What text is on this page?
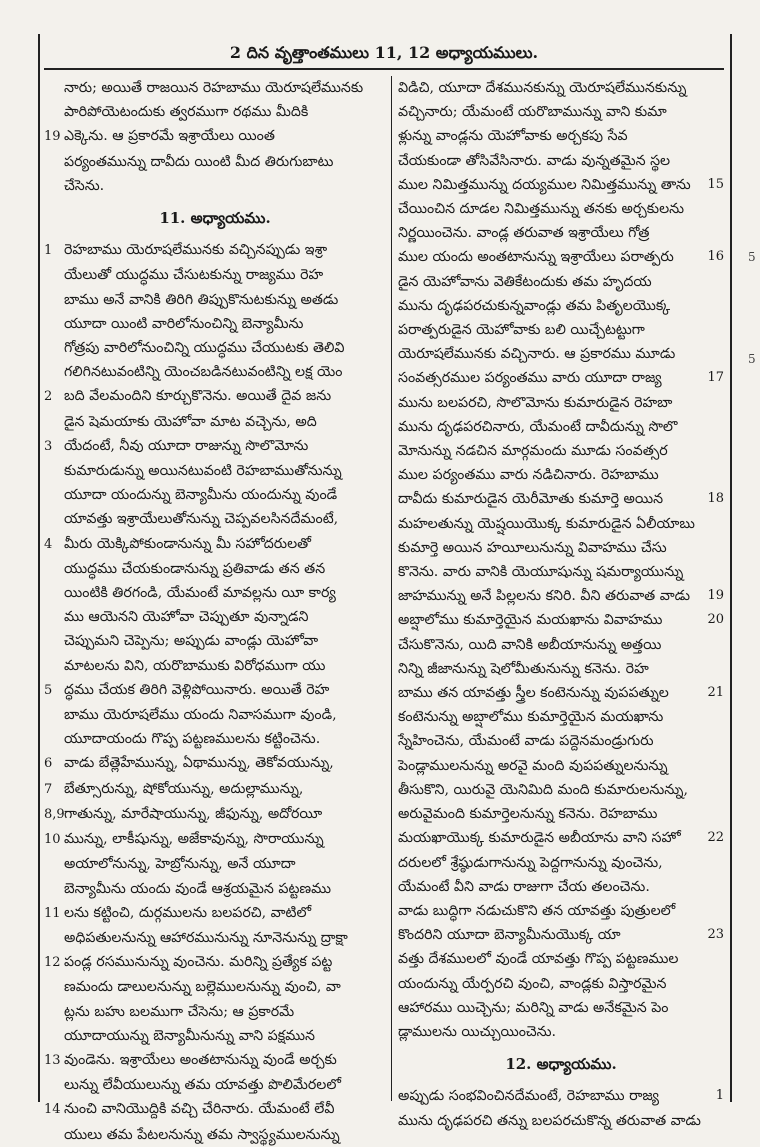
2 దిన వృత్తాంతములు 11, 12 అధ్యాయములు.
నారు; అయితే రాజయిన రెహబాము యెరూషలేమునకు
పారిపోయెటందుకు త్వరముగా రథము మీదికి
19 ఎక్కెను. ఆ ప్రకారమే ఇశ్రాయేలు యింత
పర్యంతమున్ను దావీదు యింటి మీద తిరుగుబాటు
చేసెను.
11. అధ్యాయము.
1 రెహబాము యెరూషలేమునకు వచ్చినప్పుడు ఇశ్రా
యేలుతో యుద్ధము చేసుటకున్ను రాజ్యము రెహ
బాము అనే వానికి తిరిగి తిప్పుకొనుటకున్ను అతడు
యూదా యింటి వారిలోనుంచిన్ని బెన్యామీను
గోత్రపు వారిలోనుంచిన్ని యుద్ధము చేయుటకు తెలివి
గలిగినటువంటిన్ని యెంచబడినటువంటిన్ని లక్ష యెం
2 బది వేలమందిని కూర్చుకొనెను. అయితే దైవ జను
డైన షెమయాకు యెహోవా మాట వచ్చెను, అది
3 యేదంటే, నీవు యూదా రాజున్ను సొలొమోను
కుమారుడున్ను అయినటువంటి రెహబాముతోనున్ను
యూదా యందున్ను బెన్యామీను యందున్ను వుండే
యావత్తు ఇశ్రాయేలుతోనున్ను చెప్పవలసినదేమంటే,
4 మీరు యెక్కిపోకుండానున్ను మీ సహోదరులతో
యుద్ధము చేయకుండానున్ను ప్రతివాడు తన తన
యింటికి తిరగండి, యేమంటే మావల్లను యీ కార్య
ము ఆయెనని యెహోవా చెప్పుతూ వున్నాడని
చెప్పుమని చెప్పెను; అప్పుడు వాండ్లు యెహోవా
మాటలను విని, యరొబాముకు విరోధముగా యు
5 ద్ధము చేయక తిరిగి వెళ్లిపోయినారు. అయితే రెహ
బాము యెరూషలేము యందు నివాసముగా వుండి,
యూదాయందు గొప్ప పట్టణములను కట్టించెను.
6 వాడు బేత్లెహేమున్ను, ఏథామున్ను, తెకోవయున్ను,
7 బేత్సూరున్ను, షోకోయున్ను, అదుల్లామున్ను,
8,9గాతున్ను, మారేషాయున్ను, జీఫున్ను, అదోరయీ
10 మున్ను, లాకీషున్ను, అజేకావున్ను, సొరాయున్ను
అయాలోనున్ను, హెబ్రోనున్ను, అనే యూదా
బెన్యామీను యందు వుండే ఆశ్రయమైన పట్టణము
11 లను కట్టించి, దుర్గములను బలపరచి, వాటిలో
అధిపతులనున్ను ఆహారమునున్ను నూనెనున్ను ద్రాక్షా
12 పండ్ల రసమునున్ను వుంచెను. మరిన్ని ప్రత్యేక పట్ట
ణమందు డాలులనున్ను బల్లెములనున్ను వుంచి, వా
ట్లను బహు బలముగా చేసెను; ఆ ప్రకారమే
యూదాయున్ను బెన్యామీనున్ను వాని పక్షమున
13 వుండెను. ఇశ్రాయేలు అంతటానున్ను వుండే అర్చకు
లున్ను లేవీయులున్ను తమ యావత్తు పొలిమేరలలో
14 నుంచి వానియొద్దికి వచ్చి చేరినారు. యేమంటే లేవీ
యులు తమ పేటలనున్ను తమ స్వాస్థ్యములనున్ను
విడిచి, యూదా దేశమునకున్ను యెరూషలేమునకున్ను
వచ్చినారు; యేమంటే యరొబామున్ను వాని కుమా
ళ్లున్ను వాండ్లను యెహోవాకు అర్చకపు సేవ
చేయకుండా తోసివేసినారు. వాడు వున్నతమైన స్థల
ముల నిమిత్తమున్ను దయ్యముల నిమిత్తమున్ను తాను 15
చేయించిన దూడల నిమిత్తమున్ను తనకు అర్చకులను
నిర్ణయించెను. వాండ్ల తరువాత ఇశ్రాయేలు గోత్ర
ముల యందు అంతటానున్ను ఇశ్రాయేలు పరాత్పరు	16
డైన యెహోవాను వెతికేటందుకు తమ హృదయ
మును దృఢపరచుకున్నవాండ్లు తమ పితృలయొక్క
పరాత్పరుడైన యెహోవాకు బలి యిచ్చేటట్టుగా
యెరూషలేమునకు వచ్చినారు. ఆ ప్రకారము మూడు
సంవత్సరముల పర్యంతము వారు యూదా రాజ్య	17
మును బలపరచి, సొలొమోను కుమారుడైన రెహబా
మును దృఢపరచినారు, యేమంటే దావీదున్ను సొలొ
మోనున్ను నడచిన మార్గమందు మూడు సంవత్సర
ముల పర్యంతము వారు నడిచినారు. రెహబాము
దావీదు కుమారుడైన యెరీమోతు కుమార్తె అయిన	18
మహలతున్ను యెష్షయియొక్క కుమారుడైన ఏలీయాబు
కుమార్తె అయిన హయీలునున్ను వివాహము చేసు
కొనెను. వారు వానికి యెయూషున్ను షమర్యాయున్ను
జాహమున్ను అనే పిల్లలను కనిరి. వీని తరువాత వాడు 19
అబ్షాలోము కుమార్తెయైన మయఖాను వివాహము	20
చేసుకొనెను, యిది వానికి అబీయానున్ను అత్తయి
నిన్ని జీజానున్ను షెలోమీతునున్ను కనెను. రెహ
బాము తన యావత్తు స్త్రీల కంటెనున్ను వుపపత్నుల	21
కంటెనున్ను అబ్షాలోము కుమార్తెయైన మయఖాను
స్నేహించెను, యేమంటే వాడు పద్దెనమండ్రుగురు
పెండ్లాములనున్ను అరవై మంది వుపపత్నులనున్ను
తీసుకొని, యిరువై యెనిమిది మంది కుమారులనున్ను,
అరువైమంది కుమార్తెలనున్ను కనెను. రెహబాము
మయఖాయొక్క కుమారుడైన అబీయాను వాని సహో 22
దరులలో శ్రేష్ఠుడుగానున్ను పెద్దగానున్ను వుంచెను,
యేమంటే వీని వాడు రాజుగా చేయ తలంచెను.
వాడు బుద్ధిగా నడుచుకొని తన యావత్తు పుత్రులలో
కొందరిని యూదా బెన్యామీనుయొక్క యా	23
వత్తు దేశములలో వుండే యావత్తు గొప్ప పట్టణముల
యందున్ను యేర్పరచి వుంచి, వాండ్లకు విస్తారమైన
ఆహారము యిచ్చెను; మరిన్ని వాడు అనేకమైన పెం
డ్లాములను యిచ్చుయించెను.
12. అధ్యాయము.
అప్పుడు సంభవించినదేమంటే, రెహబాము రాజ్య	1
మును దృఢపరచి తన్ను బలపరచుకొన్న తరువాత వాడు
5
5
